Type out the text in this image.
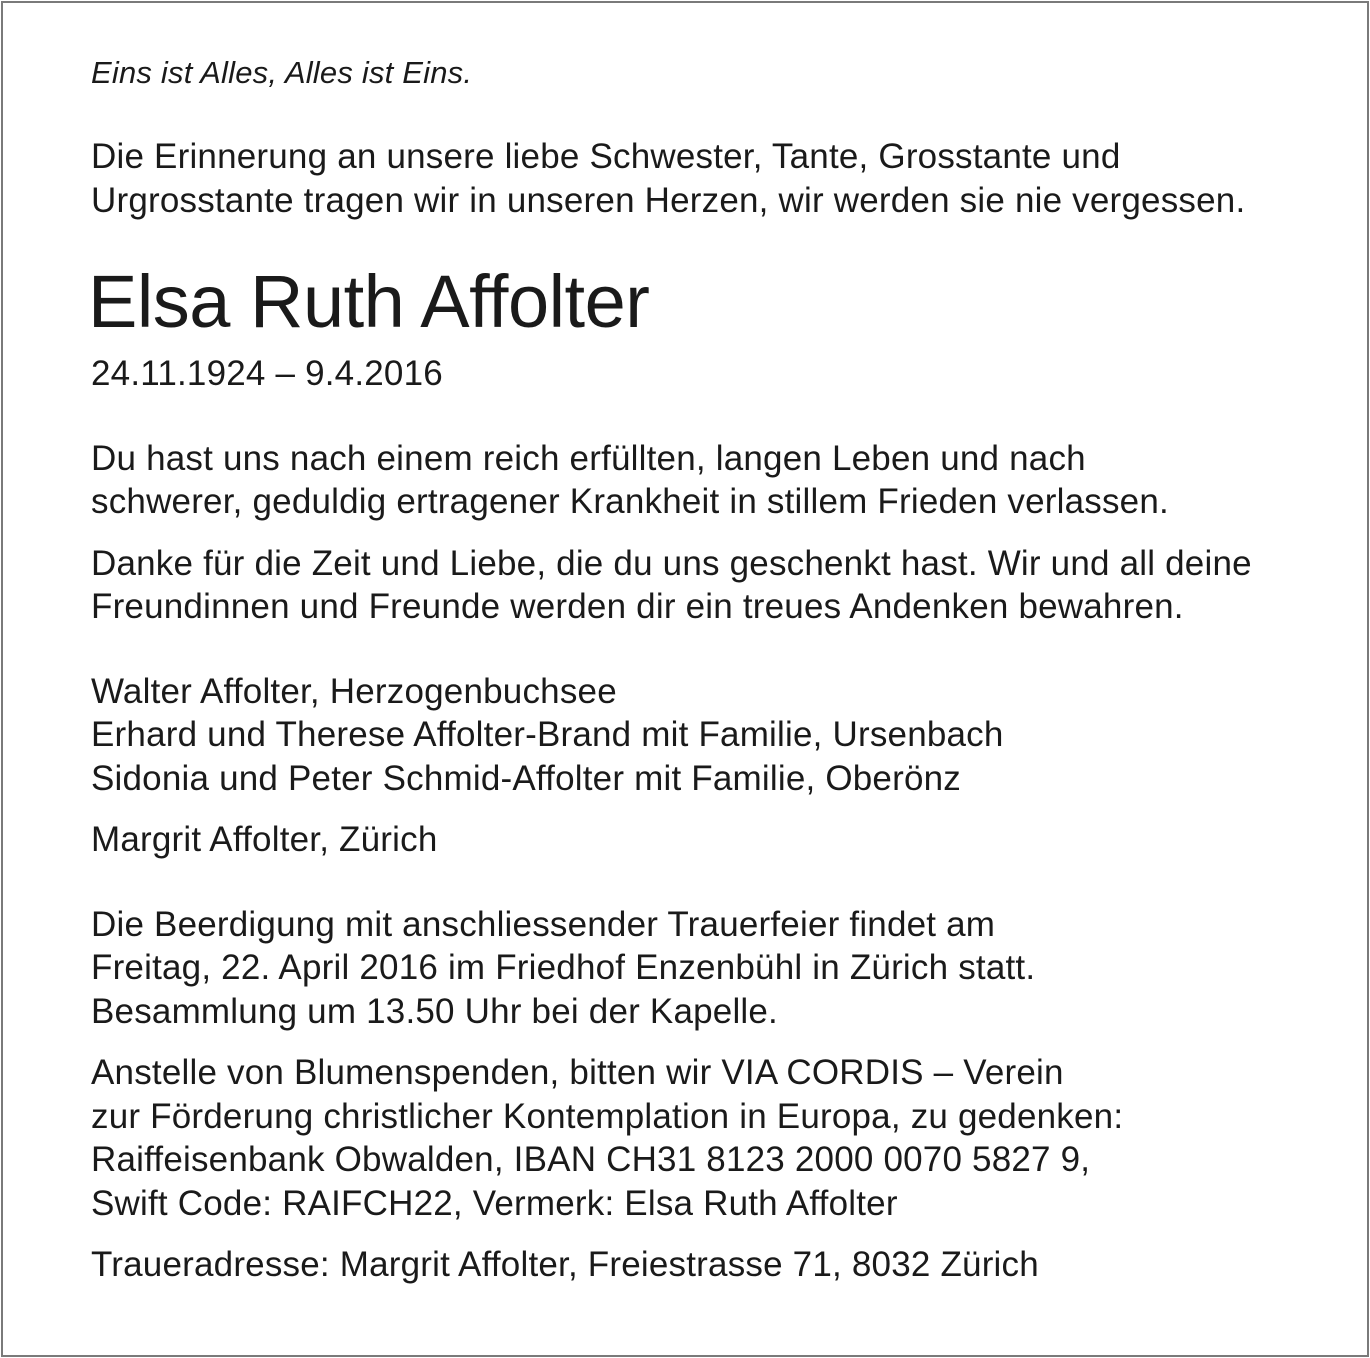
Eins ist Alles, Alles ist Eins.
Die Erinnerung an unsere liebe Schwester, Tante, Grosstante und
Urgrosstante tragen wir in unseren Herzen, wir werden sie nie vergessen.
Elsa Ruth Affolter
24.11.1924 – 9.4.2016
Du hast uns nach einem reich erfüllten, langen Leben und nach
schwerer, geduldig ertragener Krankheit in stillem Frieden verlassen.
Danke für die Zeit und Liebe, die du uns geschenkt hast. Wir und all deine
Freundinnen und Freunde werden dir ein treues Andenken bewahren.
Walter Affolter, Herzogenbuchsee
Erhard und Therese Affolter-Brand mit Familie, Ursenbach
Sidonia und Peter Schmid-Affolter mit Familie, Oberönz
Margrit Affolter, Zürich
Die Beerdigung mit anschliessender Trauerfeier findet am
Freitag, 22. April 2016 im Friedhof Enzenbühl in Zürich statt.
Besammlung um 13.50 Uhr bei der Kapelle.
Anstelle von Blumenspenden, bitten wir VIA CORDIS – Verein
zur Förderung christlicher Kontemplation in Europa, zu gedenken:
Raiffeisenbank Obwalden, IBAN CH31 8123 2000 0070 5827 9,
Swift Code: RAIFCH22, Vermerk: Elsa Ruth Affolter
Traueradresse: Margrit Affolter, Freiestrasse 71, 8032 Zürich
